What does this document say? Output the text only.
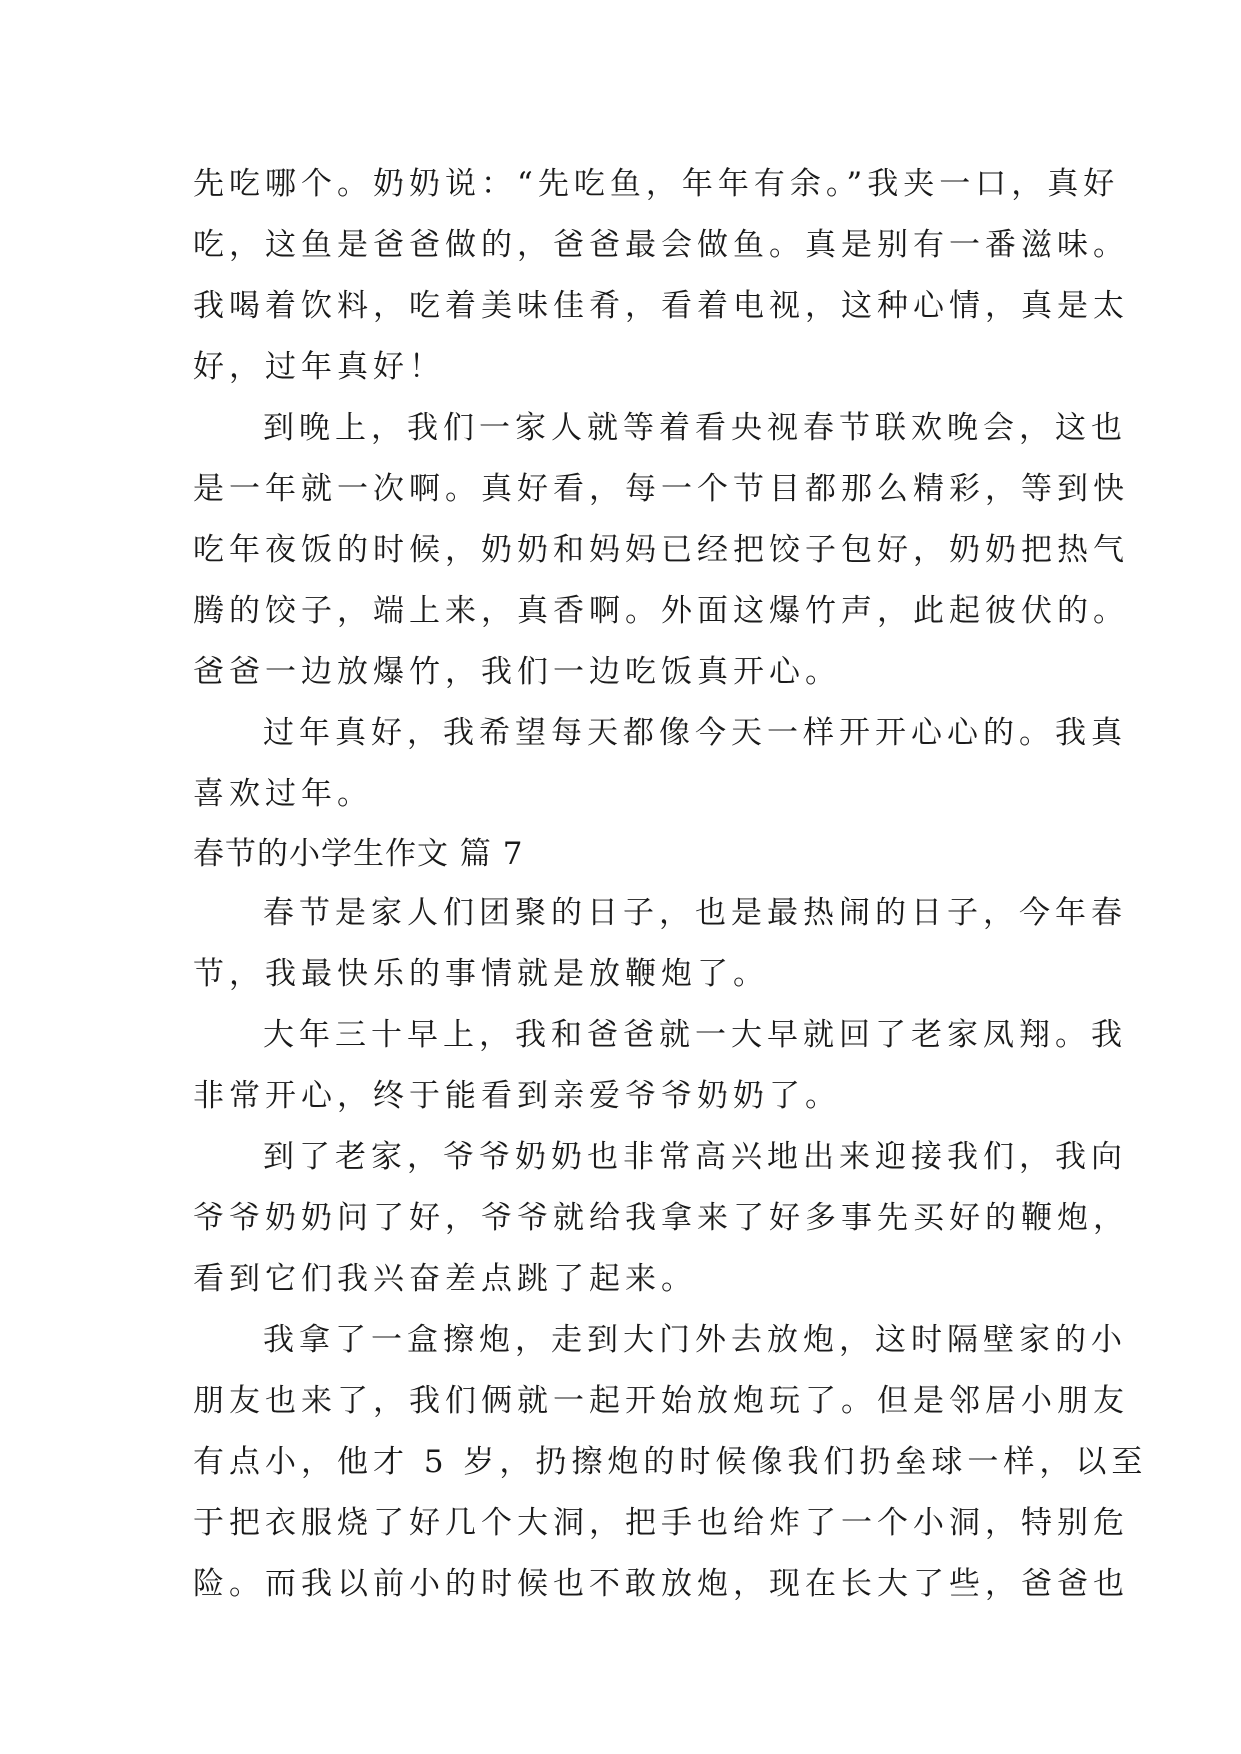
先吃哪个。奶奶说：“先吃鱼，年年有余。”我夹一口，真好
吃，这鱼是爸爸做的，爸爸最会做鱼。真是别有一番滋味。
我喝着饮料，吃着美味佳肴，看着电视，这种心情，真是太
好，过年真好！
到晚上，我们一家人就等着看央视春节联欢晚会，这也
是一年就一次啊。真好看，每一个节目都那么精彩，等到快
吃年夜饭的时候，奶奶和妈妈已经把饺子包好，奶奶把热气
腾的饺子，端上来，真香啊。外面这爆竹声，此起彼伏的。
爸爸一边放爆竹，我们一边吃饭真开心。
过年真好，我希望每天都像今天一样开开心心的。我真
喜欢过年。
春节的小学生作文 篇 7
春节是家人们团聚的日子，也是最热闹的日子，今年春
节，我最快乐的事情就是放鞭炮了。
大年三十早上，我和爸爸就一大早就回了老家凤翔。我
非常开心，终于能看到亲爱爷爷奶奶了。
到了老家，爷爷奶奶也非常高兴地出来迎接我们，我向
爷爷奶奶问了好，爷爷就给我拿来了好多事先买好的鞭炮，
看到它们我兴奋差点跳了起来。
我拿了一盒擦炮，走到大门外去放炮，这时隔壁家的小
朋友也来了，我们俩就一起开始放炮玩了。但是邻居小朋友
有点小，他才 5 岁，扔擦炮的时候像我们扔垒球一样，以至
于把衣服烧了好几个大洞，把手也给炸了一个小洞，特别危
险。而我以前小的时候也不敢放炮，现在长大了些，爸爸也
